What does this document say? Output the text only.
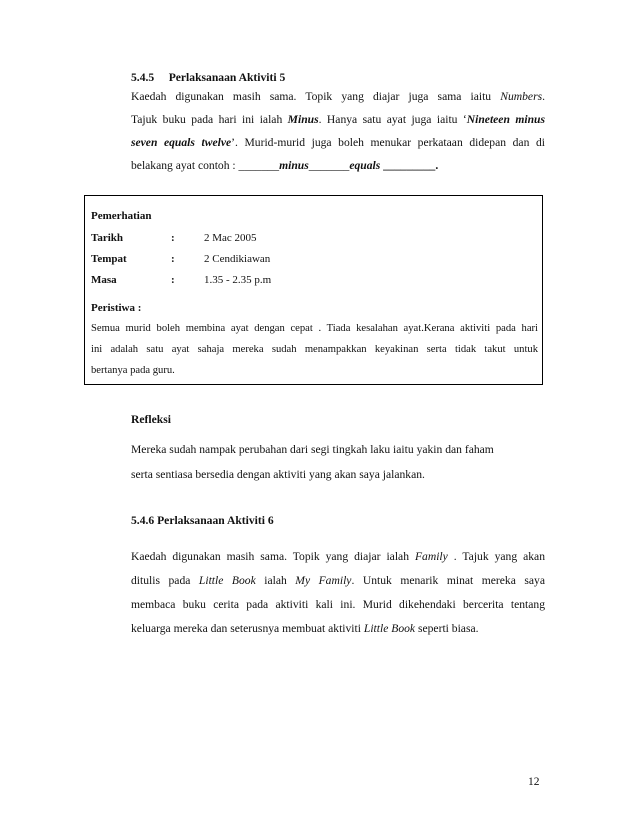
5.4.5 Perlaksanaan Aktiviti 5
Kaedah digunakan masih sama. Topik yang diajar juga sama iaitu Numbers.
Tajuk buku pada hari ini ialah Minus. Hanya satu ayat juga iaitu ‘Nineteen minus
seven equals twelve’. Murid-murid juga boleh menukar perkataan didepan dan di
belakang ayat contoh : _______minus_______equals _________.
Pemerhatian
Tarikh	:	2 Mac 2005
Tempat	:	2 Cendikiawan
Masa	:	1.35 - 2.35 p.m
Peristiwa :
Semua murid boleh membina ayat dengan cepat . Tiada kesalahan ayat.Kerana aktiviti pada hari
ini adalah satu ayat sahaja mereka sudah menampakkan keyakinan serta tidak takut untuk
bertanya pada guru.
Refleksi
Mereka sudah nampak perubahan dari segi tingkah laku iaitu yakin dan faham
serta sentiasa bersedia dengan aktiviti yang akan saya jalankan.
5.4.6 Perlaksanaan Aktiviti 6
Kaedah digunakan masih sama. Topik yang diajar ialah Family . Tajuk yang akan
ditulis pada Little Book ialah My Family. Untuk menarik minat mereka saya
membaca buku cerita pada aktiviti kali ini. Murid dikehendaki bercerita tentang
keluarga mereka dan seterusnya membuat aktiviti Little Book seperti biasa.
12
